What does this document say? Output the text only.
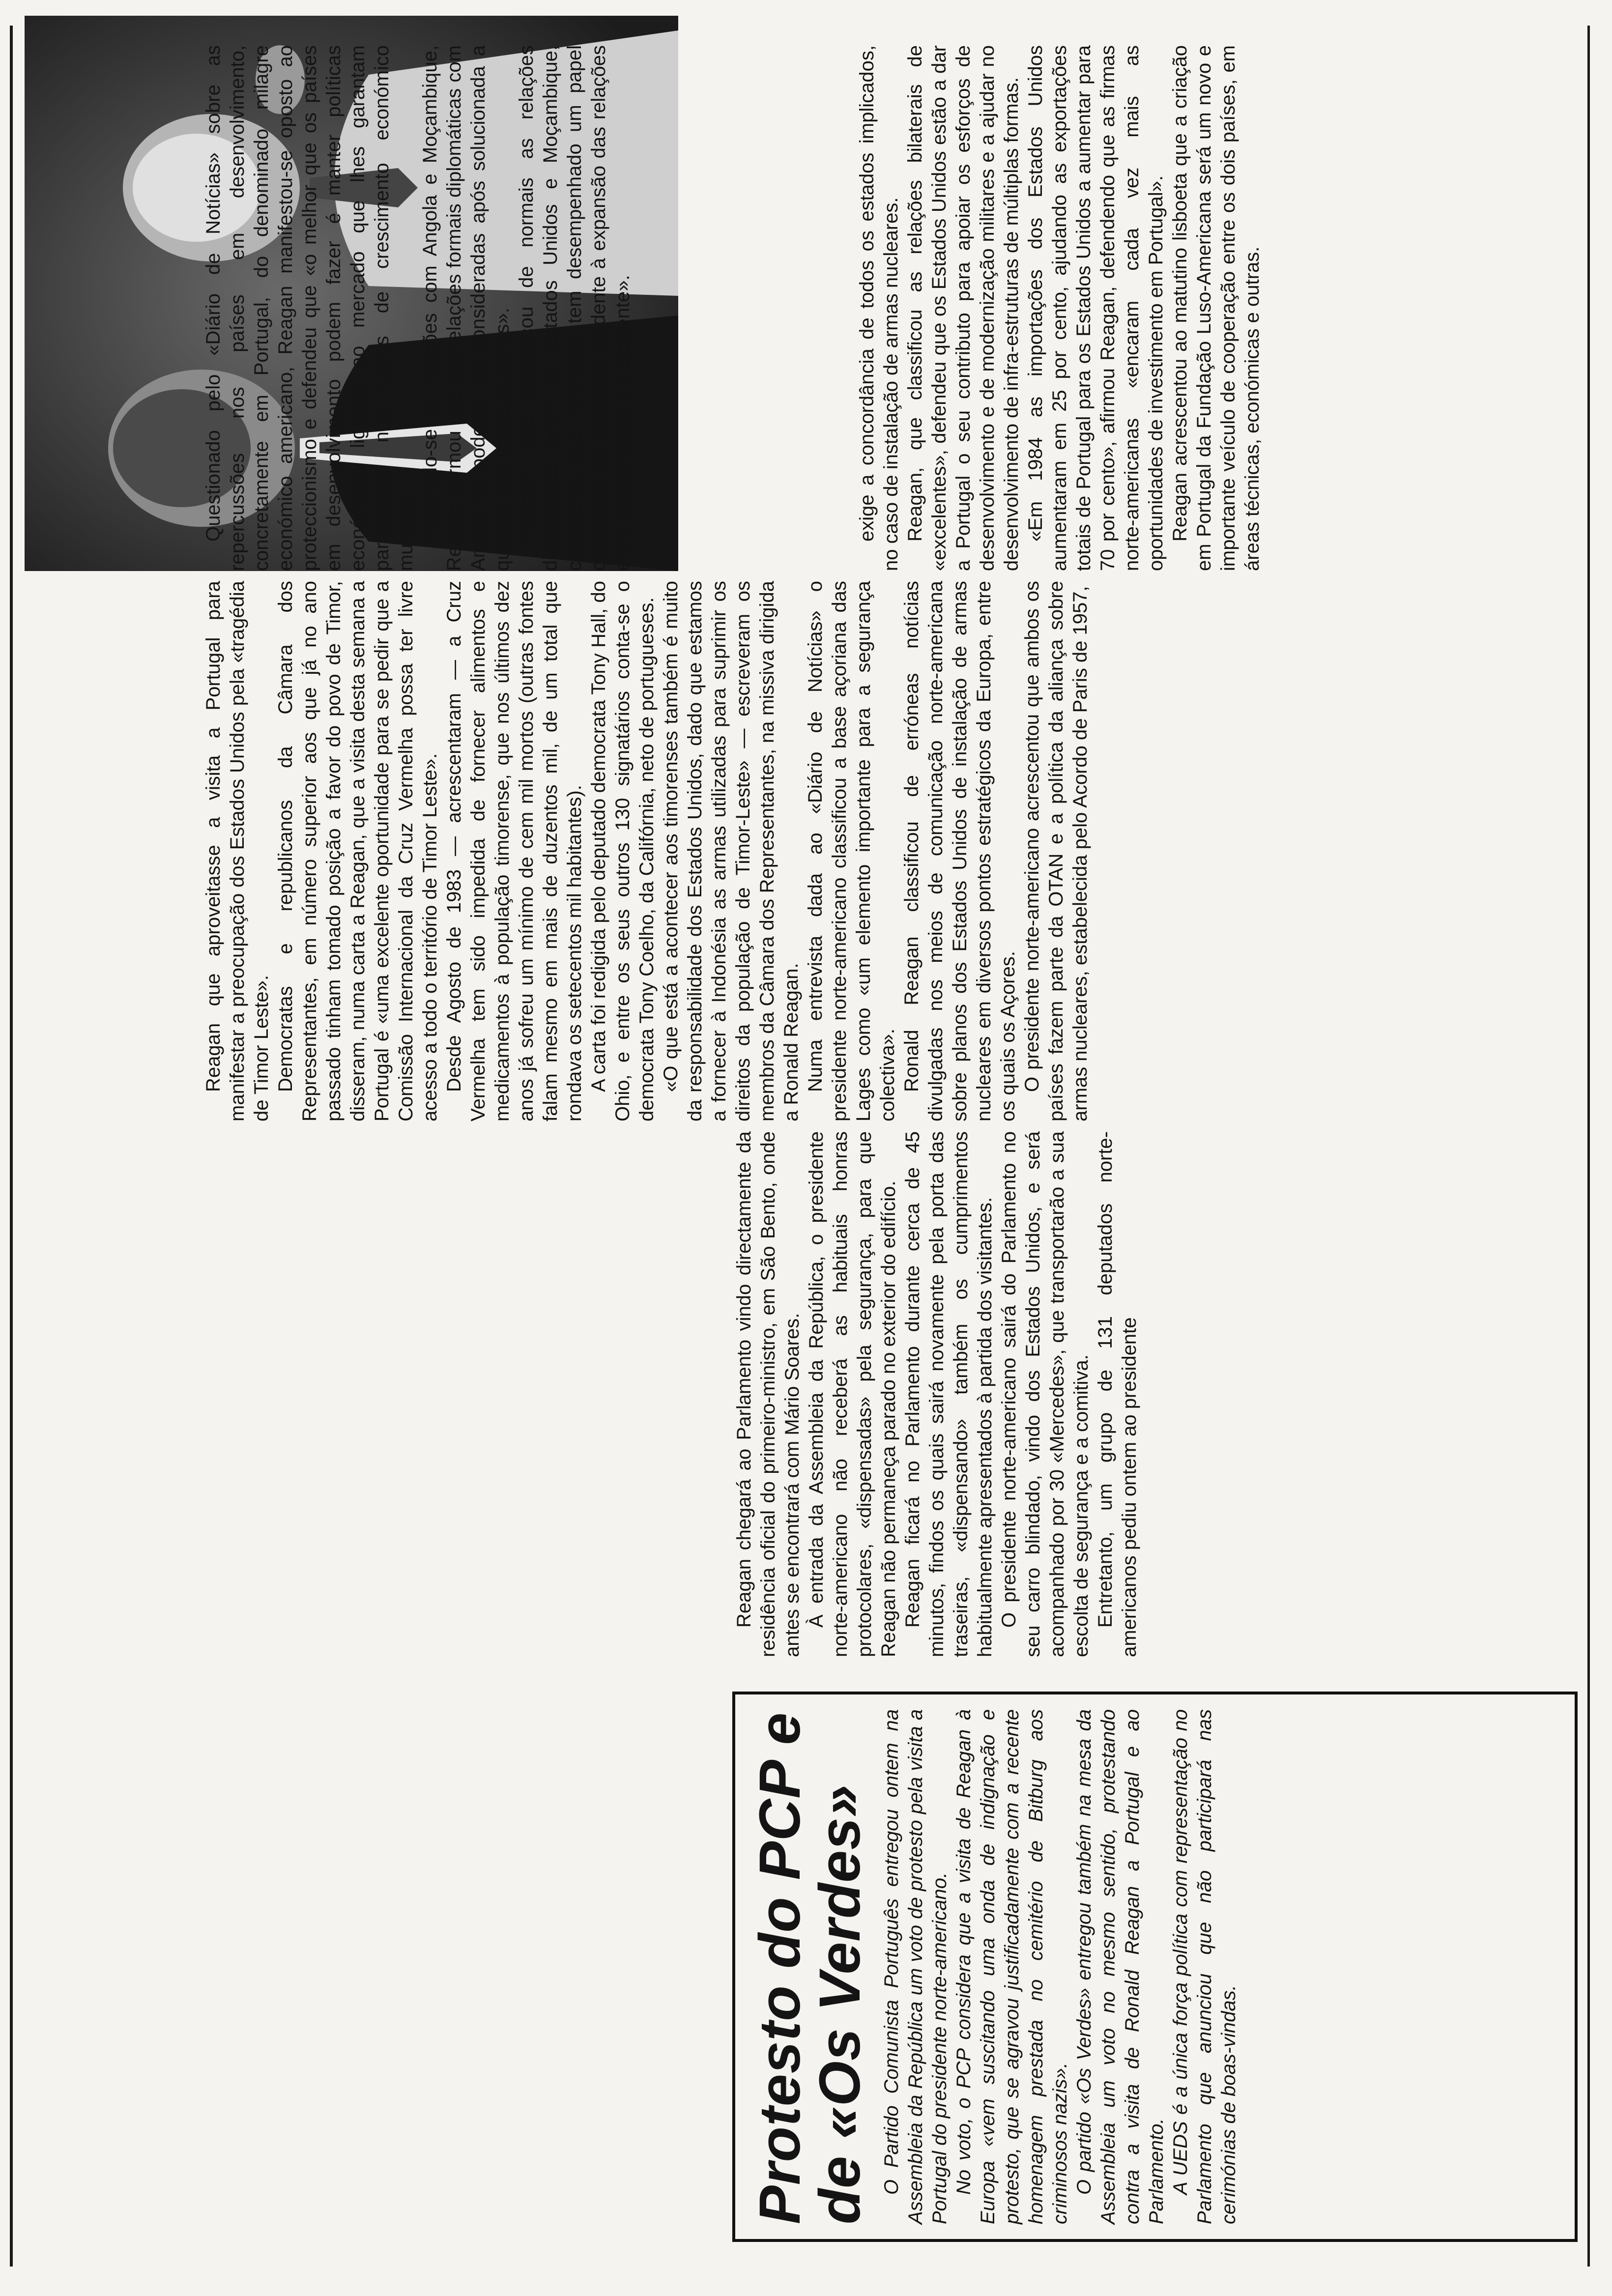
Protesto do PCP e de «Os Verdes» O Partido Comunista Português entregou ontem na Assembleia da República um voto de protesto pela visita a Portugal do presidente norte-americano. No voto, o PCP considera que a visita de Reagan à Europa «vem suscitando uma onda de indignação e protesto, que se agravou justificadamente com a recente homenagem prestada no cemitério de Bitburg aos criminosos nazis». O partido «Os Verdes» entregou também na mesa da Assembleia um voto no mesmo sentido, protestando contra a visita de Ronald Reagan a Portugal e ao Parlamento. A UEDS é a única força política com representação no Parlamento que anunciou que não participará nas cerimónias de boas-vindas.

Reagan chegará ao Parlamento vindo directamente da residência oficial do primeiro-ministro, em São Bento, onde antes se encontrará com Mário Soares. À entrada da Assembleia da República, o presidente norte-americano não receberá as habituais honras protocolares, «dispensadas» pela segurança, para que Reagan não permaneça parado no exterior do edifício. Reagan ficará no Parlamento durante cerca de 45 minutos, findos os quais sairá novamente pela porta das traseiras, «dispensando» também os cumprimentos habitualmente apresentados à partida dos visitantes. O presidente norte-americano sairá do Parlamento no seu carro blindado, vindo dos Estados Unidos, e será acompanhado por 30 «Mercedes», que transportarão a sua escolta de segurança e a comitiva. Entretanto, um grupo de 131 deputados norte-americanos pediu ontem ao presidente

Reagan que aproveitasse a visita a Portugal para manifestar a preocupação dos Estados Unidos pela «tragédia de Timor Leste». Democratas e republicanos da Câmara dos Representantes, em número superior aos que já no ano passado tinham tomado posição a favor do povo de Timor, disseram, numa carta a Reagan, que a visita desta semana a Portugal é «uma excelente oportunidade para se pedir que a Comissão Internacional da Cruz Vermelha possa ter livre acesso a todo o território de Timor Leste». Desde Agosto de 1983 — acrescentaram — a Cruz Vermelha tem sido impedida de fornecer alimentos e medicamentos à população timorense, que nos últimos dez anos já sofreu um mínimo de cem mil mortos (outras fontes falam mesmo em mais de duzentos mil, de um total que rondava os setecentos mil habitantes). A carta foi redigida pelo deputado democrata Tony Hall, do Ohio, e entre os seus outros 130 signatários conta-se o democrata Tony Coelho, da Califórnia, neto de portugueses. «O que está a acontecer aos timorenses também é muito da responsabilidade dos Estados Unidos, dado que estamos a fornecer à Indonésia as armas utilizadas para suprimir os direitos da população de Timor-Leste» — escreveram os membros da Câmara dos Representantes, na missiva dirigida a Ronald Reagan. Numa entrevista dada ao «Diário de Notícias» o presidente norte-americano classificou a base açoriana das Lages como «um elemento importante para a segurança colectiva». Ronald Reagan classificou de erróneas notícias divulgadas nos meios de comunicação norte-americana sobre planos dos Estados Unidos de instalação de armas nucleares em diversos pontos estratégicos da Europa, entre os quais os Açores. O presidente norte-americano acrescentou que ambos os países fazem parte da OTAN e a política da aliança sobre armas nucleares, estabelecida pelo Acordo de Paris de 1957,

Questionado pelo «Diário de Notícias» sobre as repercussões nos países em desenvolvimento, concretamente em Portugal, do denominado milagre económico americano, Reagan manifestou-se oposto ao proteccionismo e defendeu que «o melhor que os países em desenvolvimento podem fazer é manter políticas económicas ligadas ao mercado que lhes garantam participação nos lucros de crescimento económico mundial». Referindo-se às relações com Angola e Moçambique, Reagan afirmou que «as relações formais diplomáticas com Angola só poderão ser consideradas após solucionada a questão das tropas cubanas». Reagan, que classificou de normais as relações diplomáticas entre os Estados Unidos e Moçambique, considerou que «Portugal tem desempenhado um papel construtivo no processo tendente à expansão das relações entre Moçambique e o Ocidente».	exige a concordância de todos os estados implicados, no caso de instalação de armas nucleares. Reagan, que classificou as relações bilaterais de «excelentes», defendeu que os Estados Unidos estão a dar a Portugal o seu contributo para apoiar os esforços de desenvolvimento e de modernização militares e a ajudar no desenvolvimento de infra-estruturas de múltiplas formas. «Em 1984 as importações dos Estados Unidos aumentaram em 25 por cento, ajudando as exportações totais de Portugal para os Estados Unidos a aumentar para 70 por cento», afirmou Reagan, defendendo que as firmas norte-americanas «encaram cada vez mais as oportunidades de investimento em Portugal». Reagan acrescentou ao matutino lisboeta que a criação em Portugal da Fundação Luso-Americana será um novo e importante veículo de cooperação entre os dois países, em áreas técnicas, económicas e outras.
